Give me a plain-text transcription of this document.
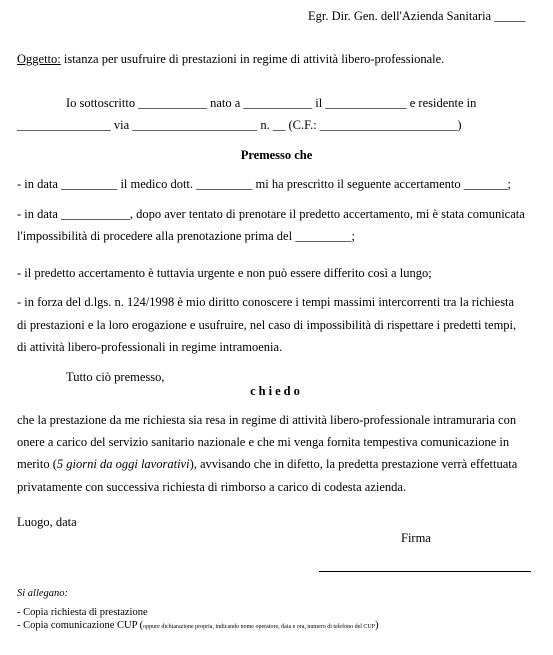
Egr. Dir. Gen. dell'Azienda Sanitaria _____
Oggetto: istanza per usufruire di prestazioni in regime di attività libero-professionale.
Io sottoscritto ___________ nato a ___________ il _____________ e residente in
_______________ via ____________________ n. __ (C.F.: ______________________)
Premesso che
- in data _________ il medico dott. _________ mi ha prescritto il seguente accertamento _______;
- in data ___________, dopo aver tentato di prenotare il predetto accertamento, mi è stata comunicata
l'impossibilità di procedere alla prenotazione prima del _________;
- il predetto accertamento è tuttavia urgente e non può essere differito così a lungo;
- in forza del d.lgs. n. 124/1998 è mio diritto conoscere i tempi massimi intercorrenti tra la richiesta
di prestazioni e la loro erogazione e usufruire, nel caso di impossibilità di rispettare i predetti tempi,
di attività libero-professionali in regime intramoenia.
Tutto ciò premesso,
chiedo
che la prestazione da me richiesta sia resa in regime di attività libero-professionale intramuraria con
onere a carico del servizio sanitario nazionale e che mi venga fornita tempestiva comunicazione in
merito (5 giorni da oggi lavorativi), avvisando che in difetto, la predetta prestazione verrà effettuata
privatamente con successiva richiesta di rimborso a carico di codesta azienda.
Luogo, data
Firma
Si allegano:
- Copia richiesta di prestazione
- Copia comunicazione CUP (oppure dichiarazione propria, indicando nome operatore, data e ora, numero di telefono del CUP)
